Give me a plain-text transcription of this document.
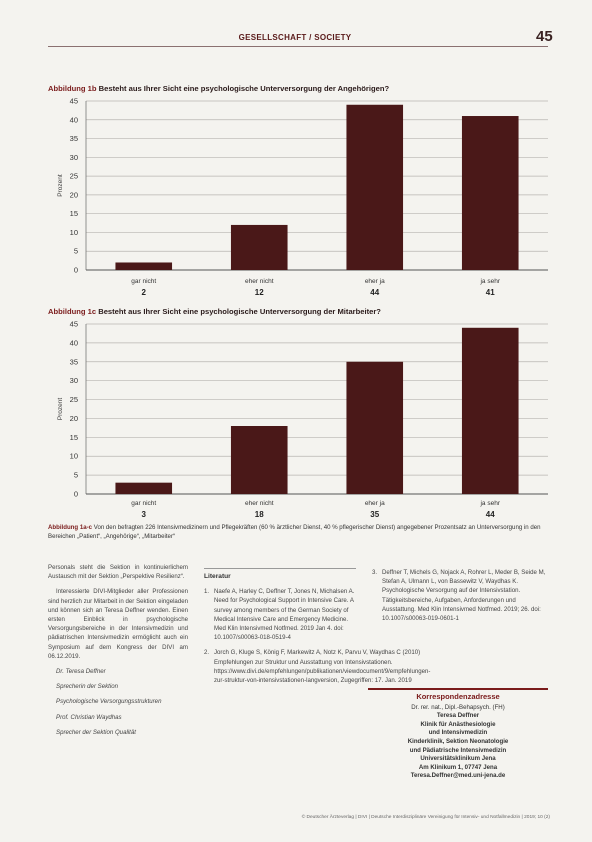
GESELLSCHAFT / SOCIETY	45
Abbildung 1b Besteht aus Ihrer Sicht eine psychologische Unterversorgung der Angehörigen?
Abbildung 1c Besteht aus Ihrer Sicht eine psychologische Unterversorgung der Mitarbeiter?
0
5
10
15
20
25
30
35
40
45
Prozent
gar nicht
2
eher nicht
12
eher ja
44
ja sehr
41
0
5
10
15
20
25
30
35
40
45
Prozent
gar nicht
3
eher nicht
18
eher ja
35
ja sehr
44
Abbildung 1a-c Von den befragten 226 Intensivmedizinern und Pflegekräften (60 % ärztlicher Dienst, 40 % pflegerischer Dienst) angegebener Prozentsatz an Unterversorgung in den Bereichen „Patient“, „Angehörige“, „Mitarbeiter“

Personals steht die Sektion in kontinuierlichem Austausch mit der Sektion „Perspektive Resilienz“.

Interessierte DIVI-Mitglieder aller Professionen sind herzlich zur Mitarbeit in der Sektion eingeladen und können sich an Teresa Deffner wenden. Einen ersten Einblick in psychologische Versorgungsbereiche in der Intensivmedizin und pädiatrischen Intensivmedizin ermöglicht auch ein Symposium auf dem Kongress der DIVI am 06.12.2019.

Dr. Teresa Deffner

Sprecherin der Sektion

Psychologische Versorgungsstrukturen

Prof. Christian Waydhas

Sprecher der Sektion Qualität

Literatur
1. Naefe A, Harley C, Deffner T, Jones N, Michalsen A. Need for Psychological Support in Intensive Care. A survey among members of the German Society of Medical Intensive Care and Emergency Medicine. Med Klin Intensivmed Notfmed. 2019 Jan 4. doi: 10.1007/s00063-018-0519-4
2. Jorch G, Kluge S, König F, Markewitz A, Notz K, Parvu V, Waydhas C (2010) Empfehlungen zur Struktur und Ausstattung von Intensivstationen. https://www.divi.de/empfehlungen/publikationen/viewdocument/9/empfehlungen-zur-struktur-von-intensivstationen-langversion, Zugegriffen: 17. Jan. 2019
3. Deffner T, Michels G, Nojack A, Rohrer L, Meder B, Seide M, Stefan A, Ulmann L, von Bassewitz V, Waydhas K. Psychologische Versorgung auf der Intensivstation. Tätigkeitsbereiche, Aufgaben, Anforderungen und Ausstattung. Med Klin Intensivmed Notfmed. 2019; 26. doi: 10.1007/s00063-019-0601-1
Korrespondenzadresse
Dr. rer. nat., Dipl.-Behapsych. (FH)
Teresa Deffner
Klinik für Anästhesiologie
und Intensivmedizin
Kinderklinik, Sektion Neonatologie
und Pädiatrische Intensivmedizin
Universitätsklinikum Jena
Am Klinikum 1, 07747 Jena
Teresa.Deffner@med.uni-jena.de
© Deutscher Ärzteverlag | DIVI | Deutsche Interdisziplinäre Vereinigung für Intensiv- und Notfallmedizin | 2019; 10 (2)
